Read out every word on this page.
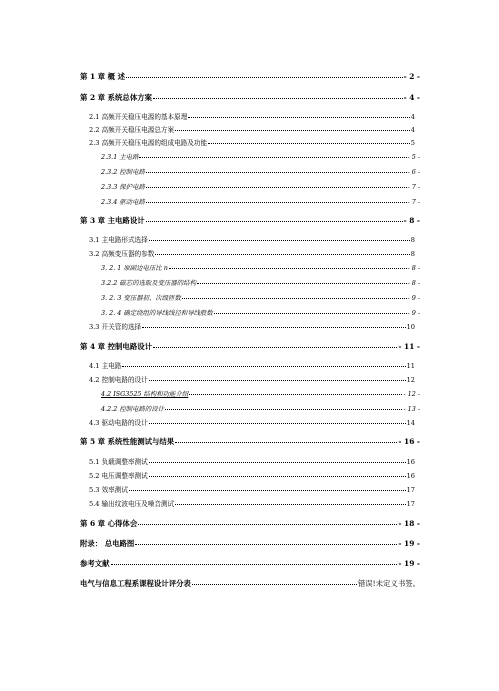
第 1 章 概 述	- 2 -
第 2 章 系统总体方案	- 4 -
2.1 高频开关稳压电源的基本原理	4
2.2 高频开关稳压电源总方案	4
2.3 高频开关稳压电源的组成电路及功能	5
2.3.1 主电路	- 5 -
2.3.2 控制电路	- 6 -
2.3.3 保护电路	- 7 -
2.3.4 驱动电路	- 7 -
第 3 章 主电路设计	- 8 -
3.1 主电路形式选择	8
3.2 高频变压器的参数	8
3. 2. 1 原副边电压比 n	- 8 -
3.2.2 磁芯的选取及变压器的结构	- 8 -
3. 2. 3 变压器初、次级匝数	- 9 -
3. 2. 4 确定绕组的导线线径和导线股数	- 9 -
3.3 开关管的选择	10
第 4 章 控制电路设计	- 11 -
4.1 主电路	11
4.2 控制电路的设计	12
4.2 ISG3525 结构和功能介绍	- 12 -
4.2.2 控制电路的设计	- 13 -
4.3 驱动电路的设计	14
第 5 章 系统性能测试与结果	- 16 -
5.1 负载调整率测试	16
5.2 电压调整率测试	16
5.3 效率测试	17
5.4 输出纹波电压及噪音测试	17
第 6 章 心得体会	- 18 -
附录： 总电路图	- 19 -
参考文献	- 19 -
电气与信息工程系课程设计评分表	错误!未定义书签。
